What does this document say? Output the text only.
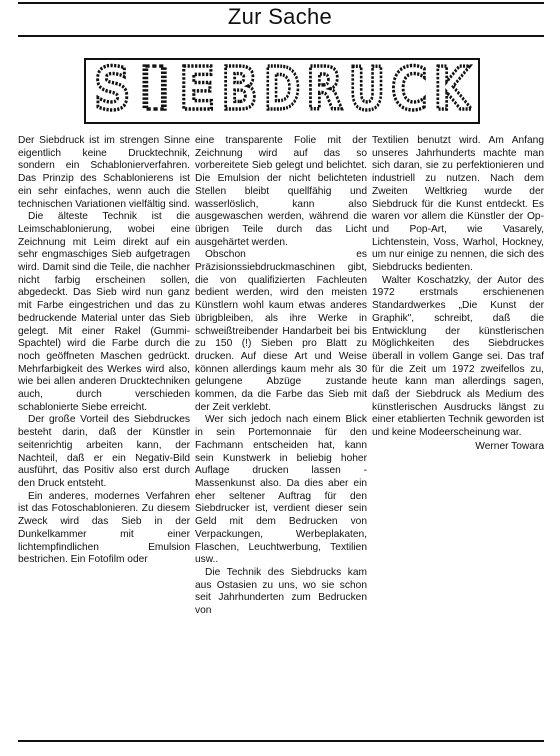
Zur Sache
S I E B D R U C K

Der Siebdruck ist im strengen Sinne eigentlich keine Drucktechnik, sondern ein Schablonierverfahren. Das Prinzip des Schablonierens ist ein sehr einfaches, wenn auch die technischen Variationen vielfältig sind.

Die älteste Technik ist die Leimschablonierung, wobei eine Zeichnung mit Leim direkt auf ein sehr engmaschiges Sieb aufgetragen wird. Damit sind die Teile, die nachher nicht farbig erscheinen sollen, abgedeckt. Das Sieb wird nun ganz mit Farbe eingestrichen und das zu bedruckende Material unter das Sieb gelegt. Mit einer Rakel (Gummi-Spachtel) wird die Farbe durch die noch geöffneten Maschen gedrückt. Mehrfarbigkeit des Werkes wird also, wie bei allen anderen Drucktechniken auch, durch verschieden schablonierte Siebe erreicht.

Der große Vorteil des Siebdruckes besteht darin, daß der Künstler seitenrichtig arbeiten kann, der Nachteil, daß er ein Negativ-Bild ausführt, das Positiv also erst durch den Druck entsteht.

Ein anderes, modernes Verfahren ist das Fotoschablonieren. Zu diesem Zweck wird das Sieb in der Dunkelkammer mit einer lichtempfindlichen Emulsion bestrichen. Ein Fotofilm oder

eine transparente Folie mit der Zeichnung wird auf das so vorbereitete Sieb gelegt und belichtet. Die Emulsion der nicht belichteten Stellen bleibt quellfähig und wasserlöslich, kann also ausgewaschen werden, während die übrigen Teile durch das Licht ausgehärtet werden.

Obschon es Präzisionssiebdruckmaschinen gibt, die von qualifizierten Fachleuten bedient werden, wird den meisten Künstlern wohl kaum etwas anderes übrigbleiben, als ihre Werke in schweißtreibender Handarbeit bei bis zu 150 (!) Sieben pro Blatt zu drucken. Auf diese Art und Weise können allerdings kaum mehr als 30 gelungene Abzüge zustande kommen, da die Farbe das Sieb mit der Zeit verklebt.

Wer sich jedoch nach einem Blick in sein Portemonnaie für den Fachmann entscheiden hat, kann sein Kunstwerk in beliebig hoher Auflage drucken lassen - Massenkunst also. Da dies aber ein eher seltener Auftrag für den Siebdrucker ist, verdient dieser sein Geld mit dem Bedrucken von Verpackungen, Werbeplakaten, Flaschen, Leuchtwerbung, Textilien usw..

Die Technik des Siebdrucks kam aus Ostasien zu uns, wo sie schon seit Jahrhunderten zum Bedrucken von

Textilien benutzt wird. Am Anfang unseres Jahrhunderts machte man sich daran, sie zu perfektionieren und industriell zu nutzen. Nach dem Zweiten Weltkrieg wurde der Siebdruck für die Kunst entdeckt. Es waren vor allem die Künstler der Op- und Pop-Art, wie Vasarely, Lichtenstein, Voss, Warhol, Hockney, um nur einige zu nennen, die sich des Siebdrucks bedienten.

Walter Koschatzky, der Autor des 1972 erstmals erschienenen Standardwerkes „Die Kunst der Graphik", schreibt, daß die Entwicklung der künstlerischen Möglichkeiten des Siebdruckes überall in vollem Gange sei. Das traf für die Zeit um 1972 zweifellos zu, heute kann man allerdings sagen, daß der Siebdruck als Medium des künstlerischen Ausdrucks längst zu einer etablierten Technik geworden ist und keine Modeerscheinung war.

Werner Towara
